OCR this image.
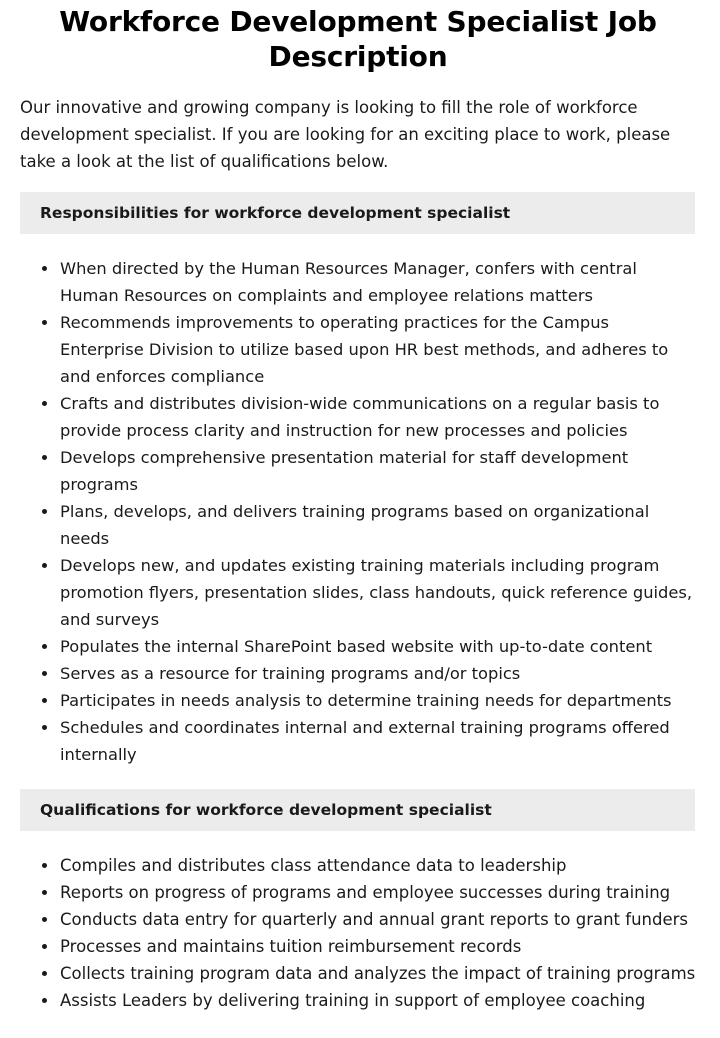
Workforce Development Specialist Job Description

Our innovative and growing company is looking to fill the role of workforce development specialist. If you are looking for an exciting place to work, please take a look at the list of qualifications below.

Responsibilities for workforce development specialist
When directed by the Human Resources Manager, confers with central Human Resources on complaints and employee relations matters
Recommends improvements to operating practices for the Campus Enterprise Division to utilize based upon HR best methods, and adheres to and enforces compliance
Crafts and distributes division-wide communications on a regular basis to provide process clarity and instruction for new processes and policies
Develops comprehensive presentation material for staff development programs
Plans, develops, and delivers training programs based on organizational needs
Develops new, and updates existing training materials including program promotion flyers, presentation slides, class handouts, quick reference guides, and surveys
Populates the internal SharePoint based website with up-to-date content
Serves as a resource for training programs and/or topics
Participates in needs analysis to determine training needs for departments
Schedules and coordinates internal and external training programs offered internally
Qualifications for workforce development specialist
Compiles and distributes class attendance data to leadership
Reports on progress of programs and employee successes during training
Conducts data entry for quarterly and annual grant reports to grant funders
Processes and maintains tuition reimbursement records
Collects training program data and analyzes the impact of training programs
Assists Leaders by delivering training in support of employee coaching
